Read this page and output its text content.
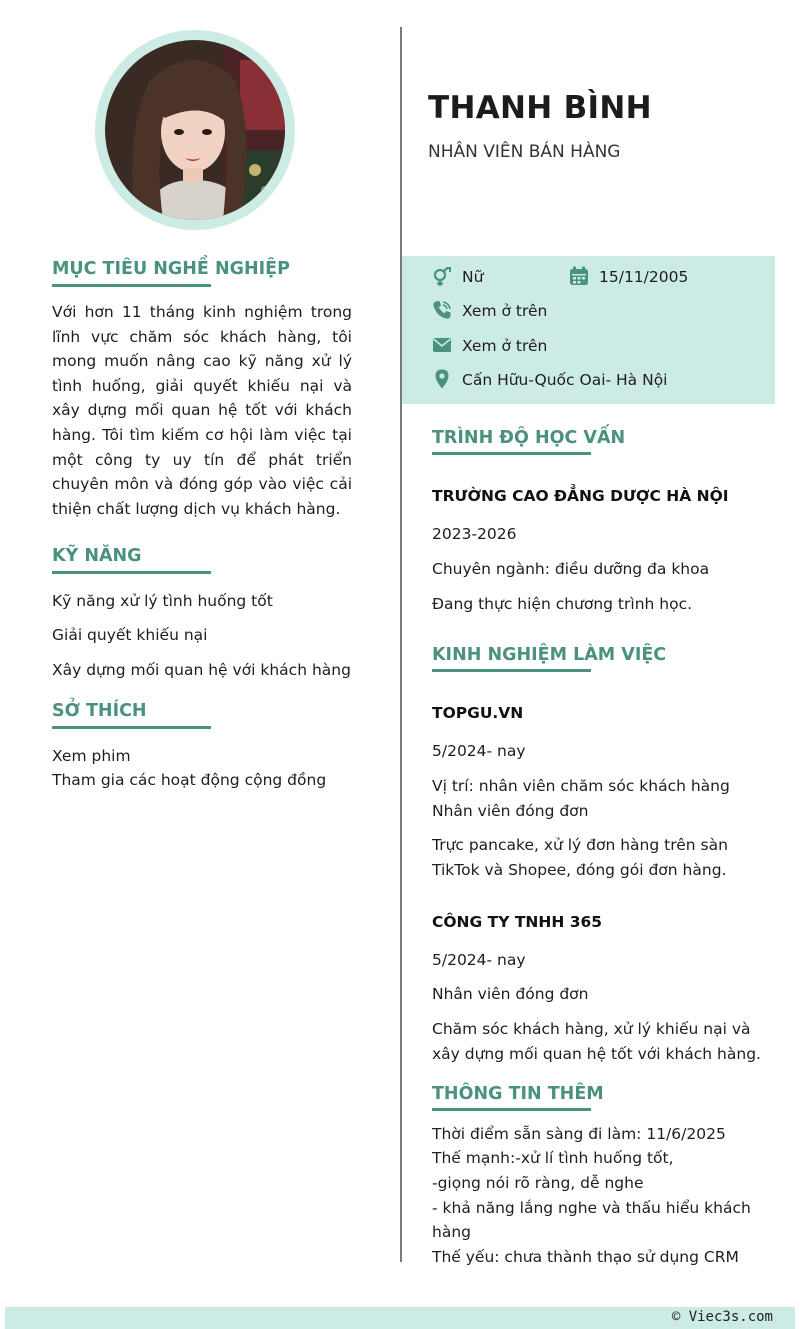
THANH BÌNH
NHÂN VIÊN BÁN HÀNG
MỤC TIÊU NGHỀ NGHIỆP
Với hơn 11 tháng kinh nghiệm trong lĩnh vực chăm sóc khách hàng, tôi mong muốn nâng cao kỹ năng xử lý tình huống, giải quyết khiếu nại và xây dựng mối quan hệ tốt với khách hàng. Tôi tìm kiếm cơ hội làm việc tại một công ty uy tín để phát triển chuyên môn và đóng góp vào việc cải thiện chất lượng dịch vụ khách hàng.
KỸ NĂNG
Kỹ năng xử lý tình huống tốt
Giải quyết khiếu nại
Xây dựng mối quan hệ với khách hàng
SỞ THÍCH
Xem phim
Tham gia các hoạt động cộng đồng
Nữ	15/11/2005
Xem ở trên
Xem ở trên
Cấn Hữu-Quốc Oai- Hà Nội
TRÌNH ĐỘ HỌC VẤN
TRƯỜNG CAO ĐẲNG DƯỢC HÀ NỘI
2023-2026
Chuyên ngành: điều dưỡng đa khoa
Đang thực hiện chương trình học.
KINH NGHIỆM LÀM VIỆC
TOPGU.VN
5/2024- nay
Vị trí: nhân viên chăm sóc khách hàng
Nhân viên đóng đơn
Trực pancake, xử lý đơn hàng trên sàn
TikTok và Shopee, đóng gói đơn hàng.
CÔNG TY TNHH 365
5/2024- nay
Nhân viên đóng đơn
Chăm sóc khách hàng, xử lý khiếu nại và
xây dựng mối quan hệ tốt với khách hàng.
THÔNG TIN THÊM
Thời điểm sẵn sàng đi làm: 11/6/2025
Thế mạnh:-xử lí tình huống tốt,
-giọng nói rõ ràng, dễ nghe
- khả năng lắng nghe và thấu hiểu khách
hàng
Thế yếu: chưa thành thạo sử dụng CRM
© Viec3s.com
